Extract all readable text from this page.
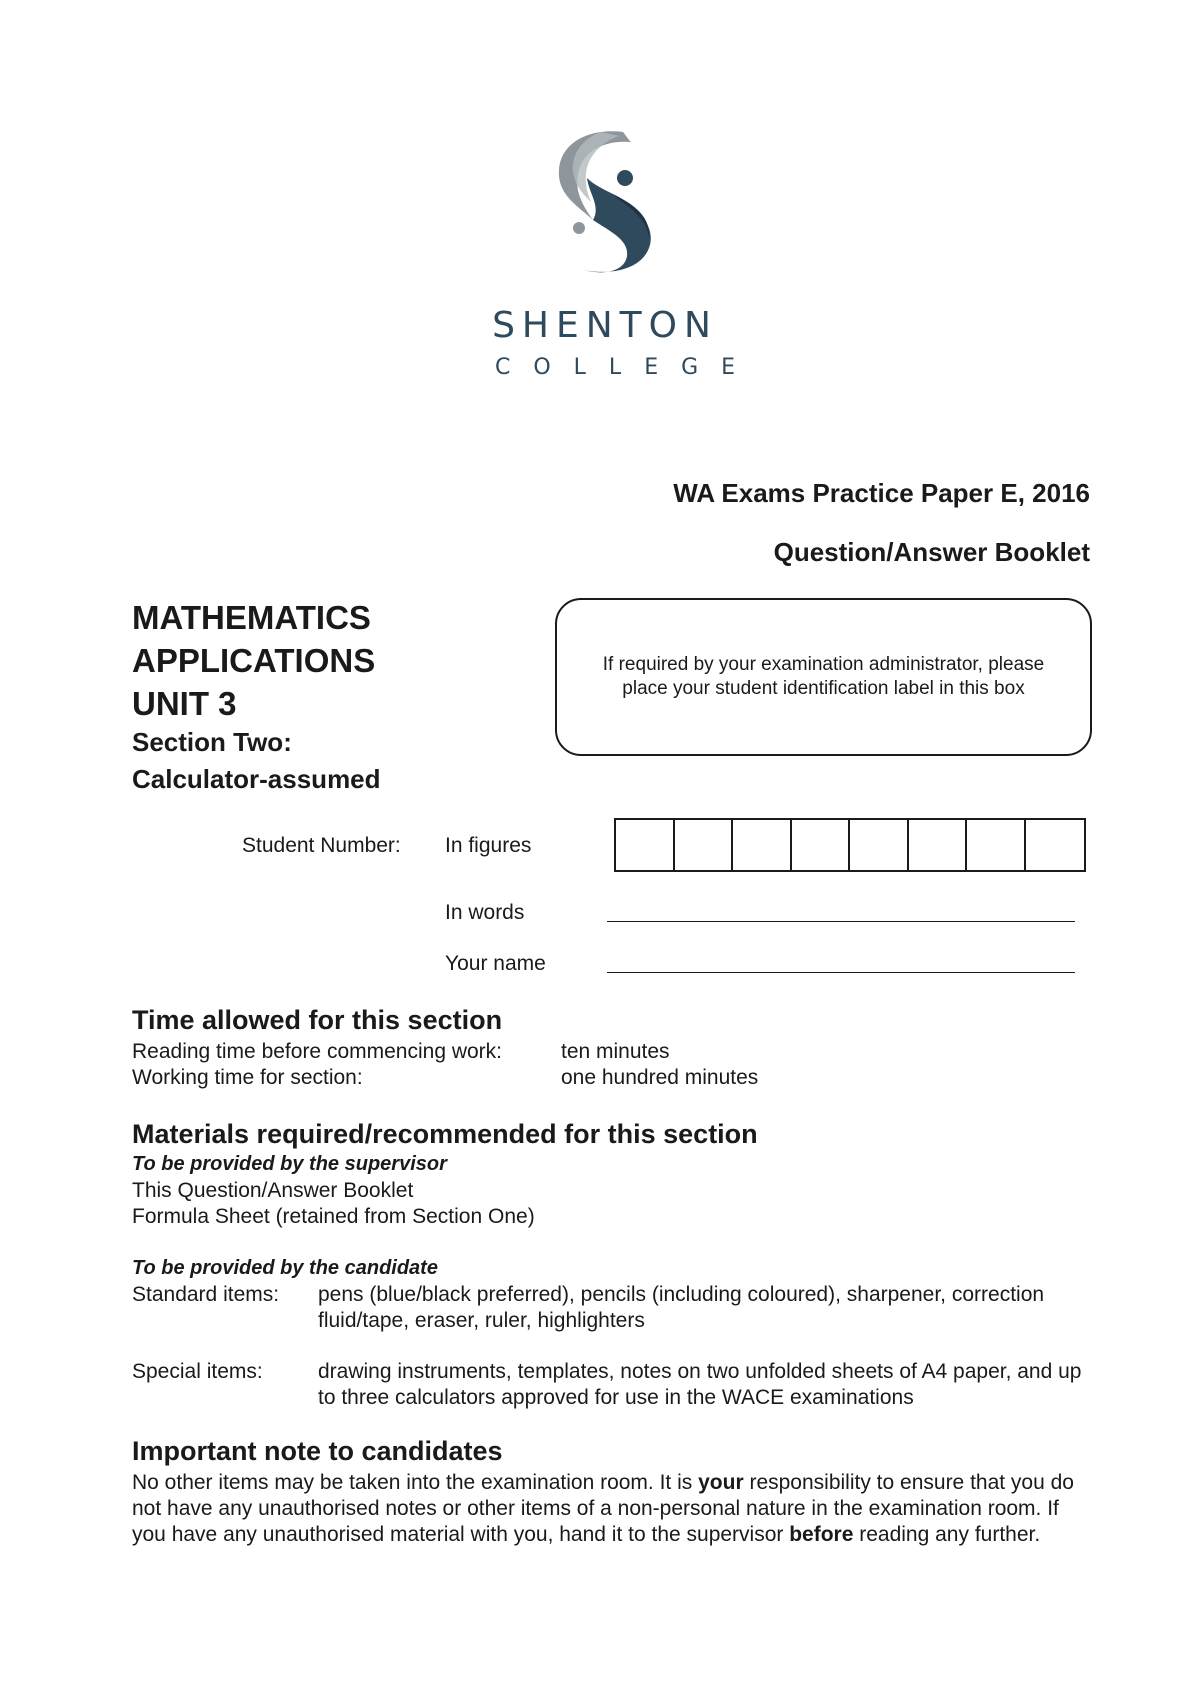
SHENTON
COLLEGE
WA Exams Practice Paper E, 2016
Question/Answer Booklet
MATHEMATICS
APPLICATIONS
UNIT 3
Section Two:
Calculator-assumed
If required by your examination administrator, please place your student identification label in this box
Student Number: In figures
In words
Your name
Time allowed for this section
Reading time before commencing work:	ten minutes
Working time for section:	one hundred minutes
Materials required/recommended for this section
To be provided by the supervisor
This Question/Answer Booklet
Formula Sheet (retained from Section One)
To be provided by the candidate
Standard items: pens (blue/black preferred), pencils (including coloured), sharpener, correction fluid/tape, eraser, ruler, highlighters
Special items:	drawing instruments, templates, notes on two unfolded sheets of A4 paper, and up to three calculators approved for use in the WACE examinations
Important note to candidates
No other items may be taken into the examination room. It is your responsibility to ensure that you do not have any unauthorised notes or other items of a non-personal nature in the examination room. If you have any unauthorised material with you, hand it to the supervisor before reading any further.
